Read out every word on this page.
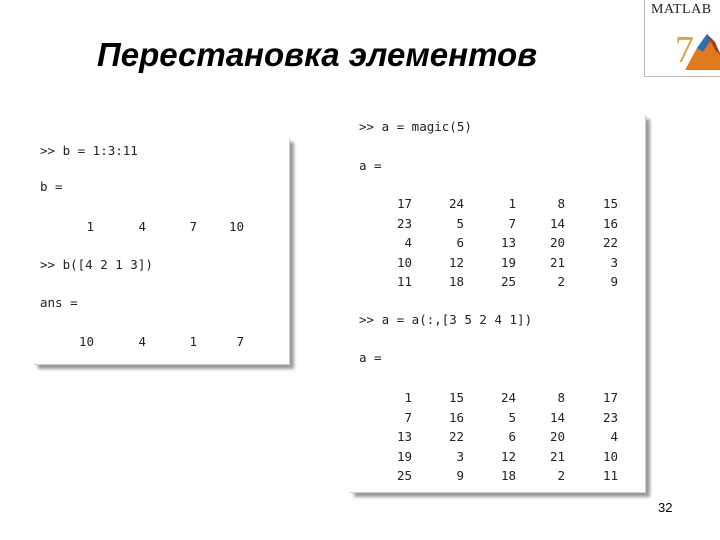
Перестановка элементов
MATLAB
7
>> b = 1:3:11
b =
1	4	7	10
>> b([4 2 1 3])
ans =
10	4	1	7
>> a = magic(5)
a =
>> a = a(:,[3 5 2 4 1])
a =
17	24	1	8	15
23	5	7	14	16
4	6	13	20	22
10	12	19	21	3
11	18	25	2	9
1	15	24	8	17
7	16	5	14	23
13	22	6	20	4
19	3	12	21	10
25	9	18	2	11
32
